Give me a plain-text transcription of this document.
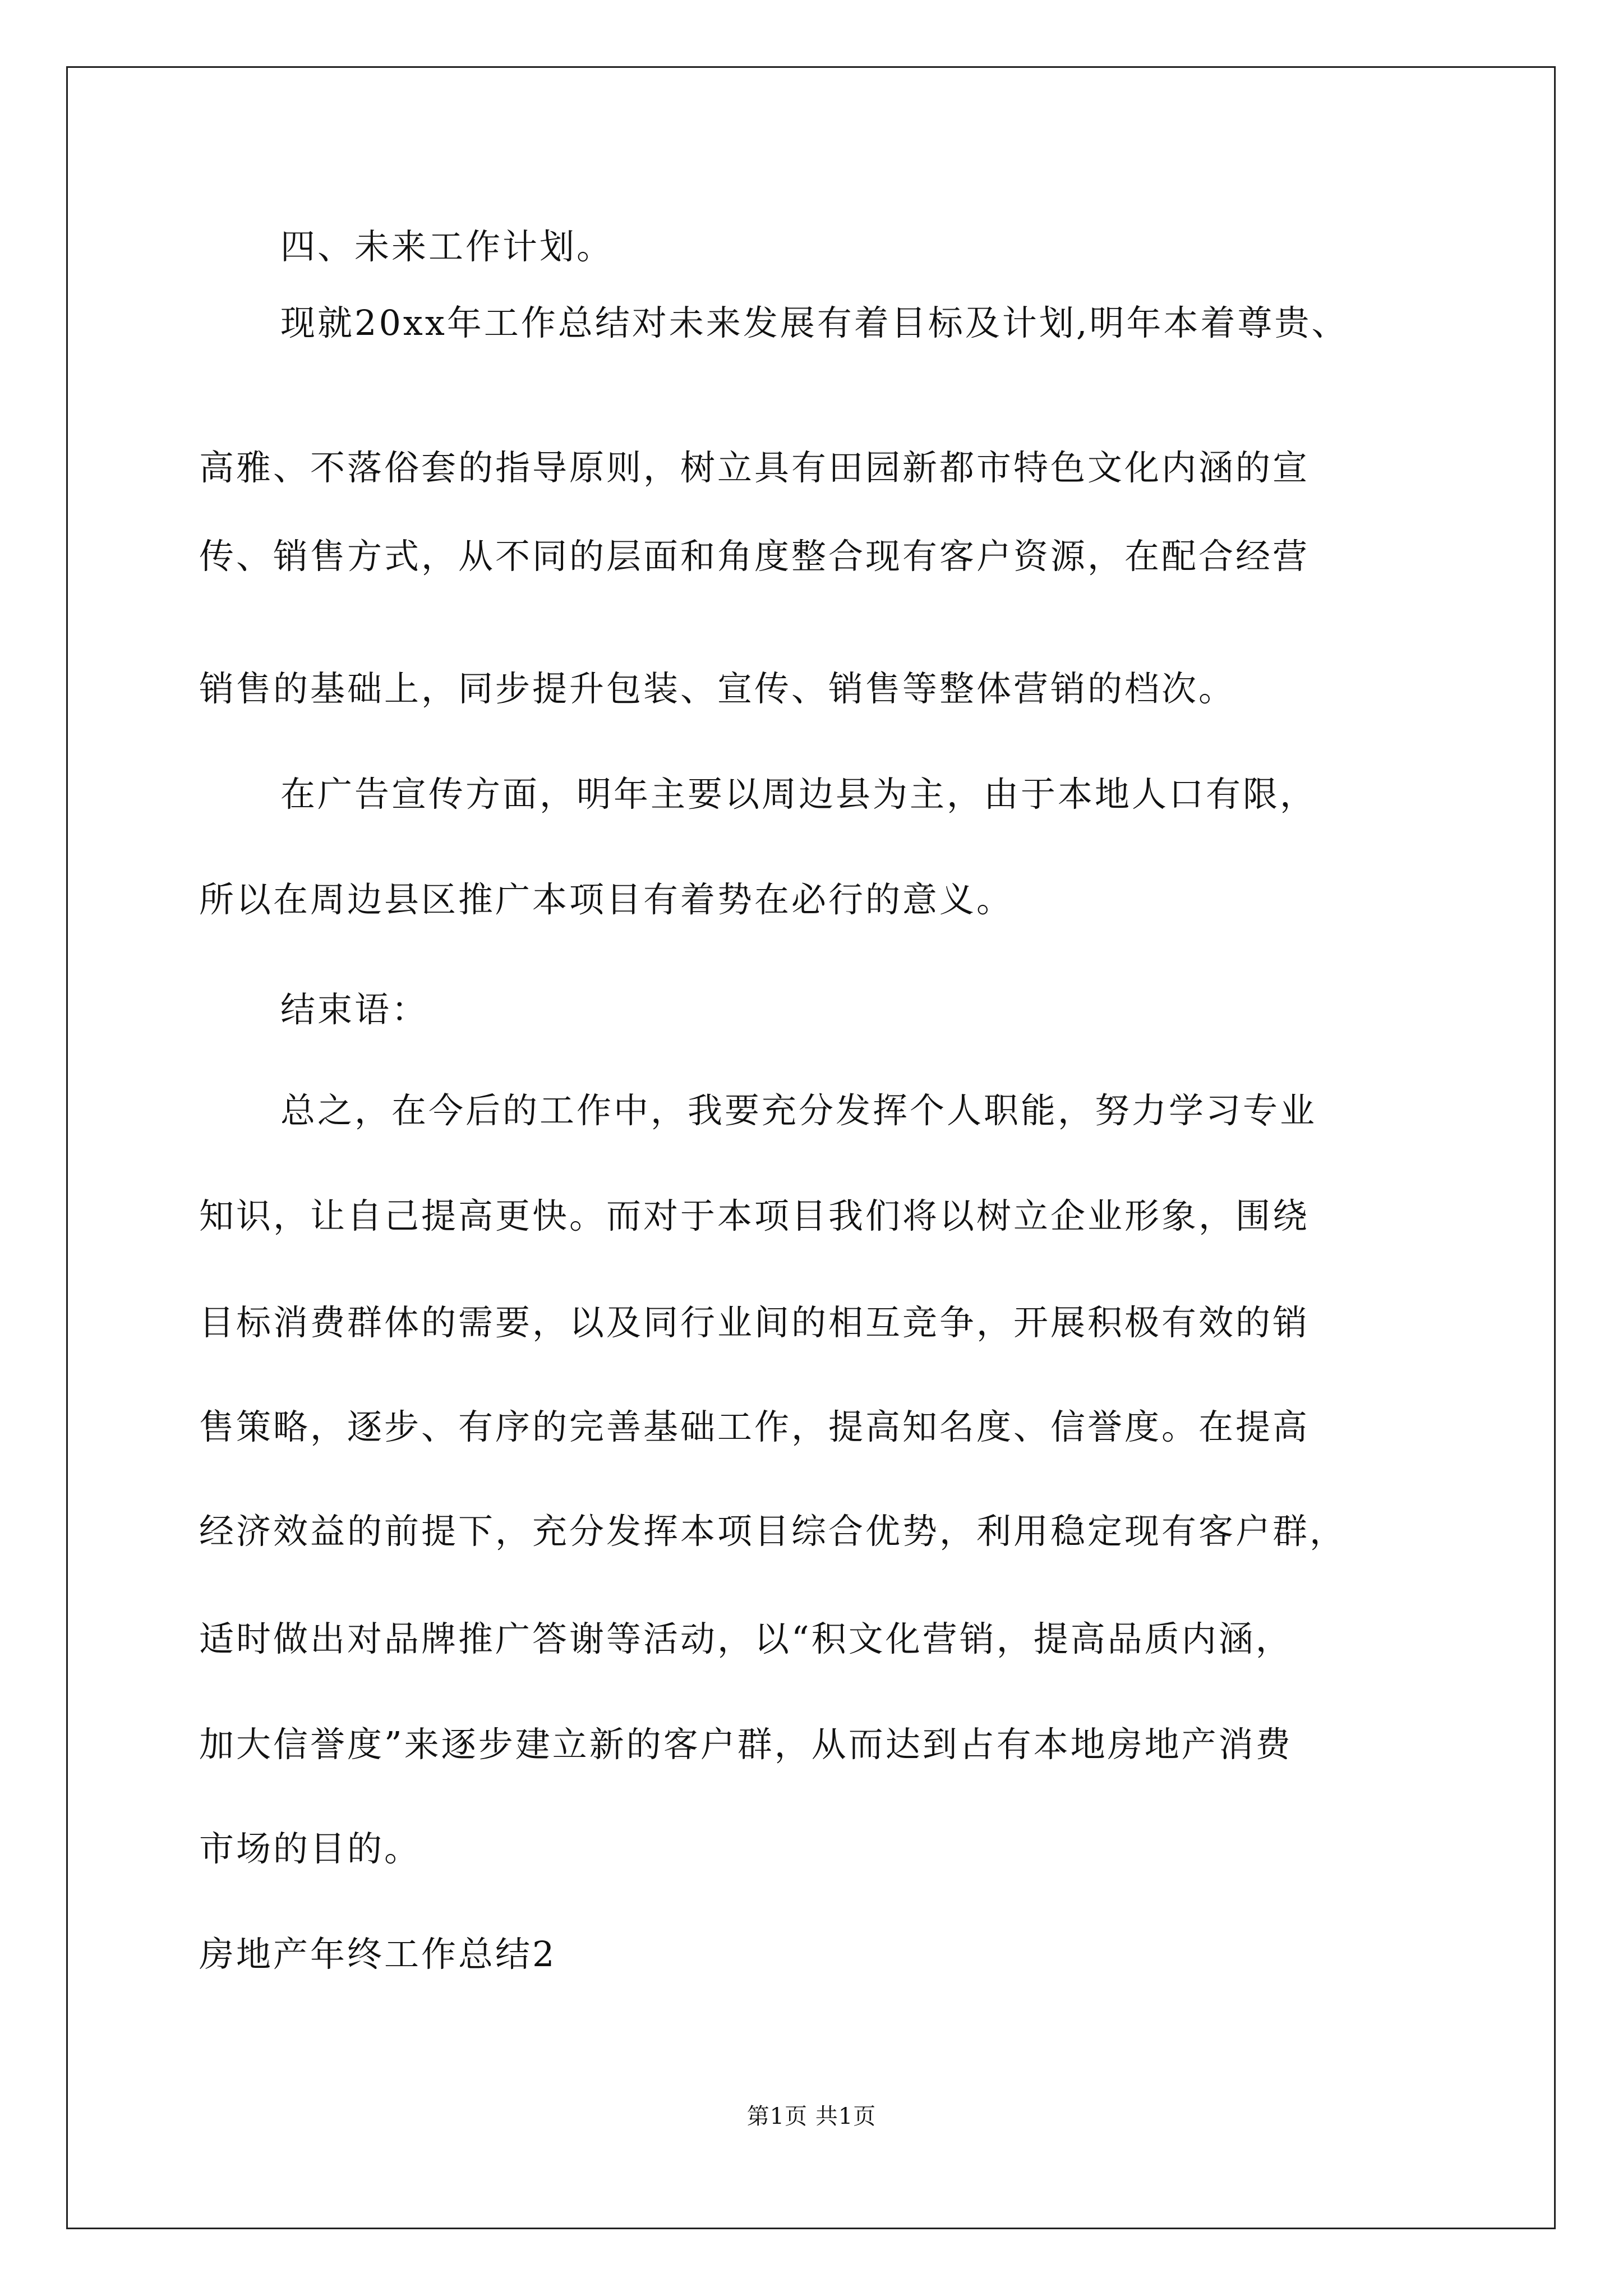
四、未来工作计划。
现就20xx年工作总结对未来发展有着目标及计划,明年本着尊贵、
高雅、不落俗套的指导原则，树立具有田园新都市特色文化内涵的宣
传、销售方式，从不同的层面和角度整合现有客户资源，在配合经营
销售的基础上，同步提升包装、宣传、销售等整体营销的档次。
在广告宣传方面，明年主要以周边县为主，由于本地人口有限，
所以在周边县区推广本项目有着势在必行的意义。
结束语：
总之，在今后的工作中，我要充分发挥个人职能，努力学习专业
知识，让自己提高更快。而对于本项目我们将以树立企业形象，围绕
目标消费群体的需要，以及同行业间的相互竞争，开展积极有效的销
售策略，逐步、有序的完善基础工作，提高知名度、信誉度。在提高
经济效益的前提下，充分发挥本项目综合优势，利用稳定现有客户群，
适时做出对品牌推广答谢等活动，以“积文化营销，提高品质内涵，
加大信誉度”来逐步建立新的客户群，从而达到占有本地房地产消费
市场的目的。
房地产年终工作总结2
第1页 共1页
